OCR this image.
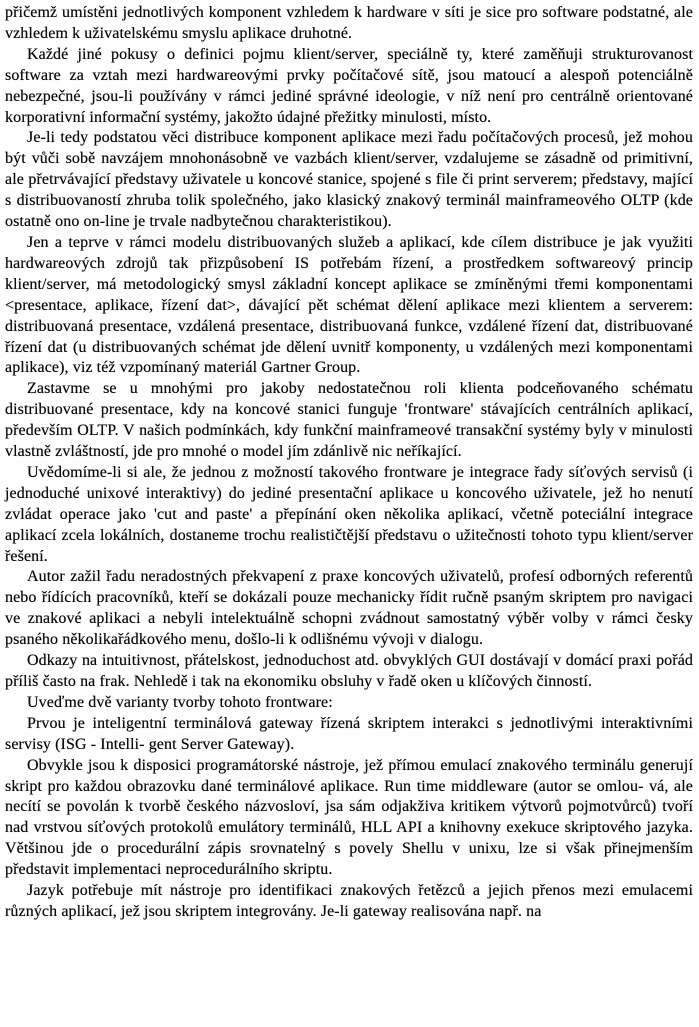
přičemž umístěni jednotlivých komponent vzhledem k hardware v síti je sice pro software podstatné, ale vzhledem k uživatelskému smyslu aplikace druhotné.

Každé jiné pokusy o definici pojmu klient/server, speciálně ty, které zaměňuji strukturovanost software za vztah mezi hardwareovými prvky počítačové sítě, jsou matoucí a alespoň potenciálně nebezpečné, jsou-li používány v rámci jediné správné ideologie, v níž není pro centrálně orientované korporativní informační systémy, jakožto údajné přežitky minulosti, místo.

Je-li tedy podstatou věci distribuce komponent aplikace mezi řadu počítačových procesů, jež mohou být vůči sobě navzájem mnohonásobně ve vazbách klient/server, vzdalujeme se zásadně od primitivní, ale přetrvávající představy uživatele u koncové stanice, spojené s file či print serverem; představy, mající s distribuovaností zhruba tolik společného, jako klasický znakový terminál mainframeového OLTP (kde ostatně ono on-line je trvale nadbytečnou charakteristikou).

Jen a teprve v rámci modelu distribuovaných služeb a aplikací, kde cílem distribuce je jak využiti hardwareových zdrojů tak přizpůsobení IS potřebám řízení, a prostředkem softwareový princip klient/server, má metodologický smysl základní koncept aplikace se zmíněnými třemi komponentami <presentace, aplikace, řízení dat>, dávající pět schémat dělení aplikace mezi klientem a serverem: distribuovaná presentace, vzdálená presentace, distribuovaná funkce, vzdálené řízení dat, distribuované řízení dat (u distribuovaných schémat jde dělení uvnitř komponenty, u vzdálených mezi komponentami aplikace), viz též vzpomínaný materiál Gartner Group.

Zastavme se u mnohými pro jakoby nedostatečnou roli klienta podceňovaného schématu distribuované presentace, kdy na koncové stanici funguje 'frontware' stávajících centrálních aplikací, především OLTP. V našich podmínkách, kdy funkční mainframeové transakční systémy byly v minulosti vlastně zvláštností, jde pro mnohé o model jím zdánlivě nic neříkající.

Uvědomíme-li si ale, že jednou z možností takového frontware je integrace řady síťových servisů (i jednoduché unixové interaktivy) do jediné presentační aplikace u koncového uživatele, jež ho nenutí zvládat operace jako 'cut and paste' a přepínání oken několika aplikací, včetně poteciální integrace aplikací zcela lokálních, dostaneme trochu realističtější představu o užitečnosti tohoto typu klient/server řešení.

Autor zažil řadu neradostných překvapení z praxe koncových uživatelů, profesí odborných referentů nebo řídících pracovníků, kteří se dokázali pouze mechanicky řídit ručně psaným skriptem pro navigaci ve znakové aplikaci a nebyli intelektuálně schopni zvádnout samostatný výběr volby v rámci česky psaného několikařádkového menu, došlo-li k odlišnému vývoji v dialogu.

Odkazy na intuitivnost, přátelskost, jednoduchost atd. obvyklých GUI dostávají v domácí praxi pořád příliš často na frak. Nehledě i tak na ekonomiku obsluhy v řadě oken u klíčových činností.

Uveďme dvě varianty tvorby tohoto frontware:

Prvou je inteligentní terminálová gateway řízená skriptem interakci s jednotlivými interaktivními servisy (ISG - Intelli- gent Server Gateway).

Obvykle jsou k disposici programátorské nástroje, jež přímou emulací znakového terminálu generují skript pro každou obrazovku dané terminálové aplikace. Run time middleware (autor se omlou- vá, ale necítí se povolán k tvorbě českého názvosloví, jsa sám odjakživa kritikem výtvorů pojmotvůrců) tvoří nad vrstvou síťových protokolů emulátory terminálů, HLL API a knihovny exekuce skriptového jazyka. Většinou jde o procedurální zápis srovnatelný s povely Shellu v unixu, lze si však přinejmenším představit implementaci neprocedurálního skriptu.

Jazyk potřebuje mít nástroje pro identifikaci znakových řetězců a jejich přenos mezi emulacemi různých aplikací, jež jsou skriptem integrovány. Je-li gateway realisována např. na
